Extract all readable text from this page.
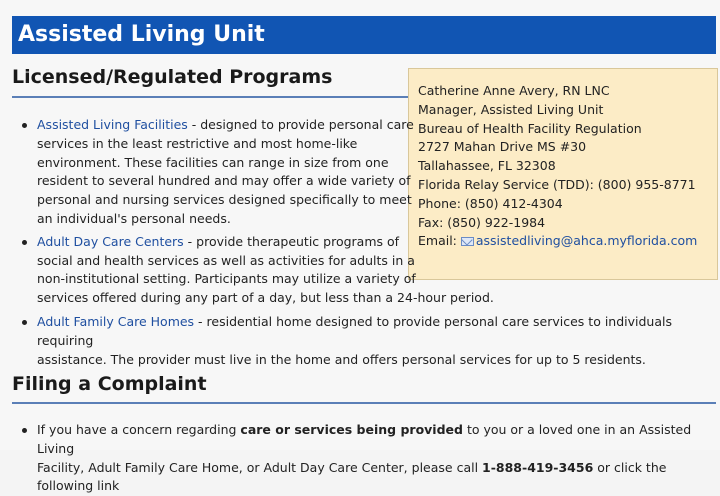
Assisted Living Unit
Licensed/Regulated Programs
Catherine Anne Avery, RN LNC
Manager, Assisted Living Unit
Bureau of Health Facility Regulation
2727 Mahan Drive MS #30
Tallahassee, FL 32308
Florida Relay Service (TDD): (800) 955-8771
Phone: (850) 412-4304
Fax: (850) 922-1984
Email: assistedliving@ahca.myflorida.com
Assisted Living Facilities - designed to provide personal care
services in the least restrictive and most home-like
environment. These facilities can range in size from one
resident to several hundred and may offer a wide variety of
personal and nursing services designed specifically to meet
an individual's personal needs.
Adult Day Care Centers - provide therapeutic programs of
social and health services as well as activities for adults in a
non-institutional setting. Participants may utilize a variety of
services offered during any part of a day, but less than a 24-hour period.
Adult Family Care Homes - residential home designed to provide personal care services to individuals requiring
assistance. The provider must live in the home and offers personal services for up to 5 residents.
Filing a Complaint
If you have a concern regarding care or services being provided to you or a loved one in an Assisted Living
Facility, Adult Family Care Home, or Adult Day Care Center, please call 1-888-419-3456 or click the following link
